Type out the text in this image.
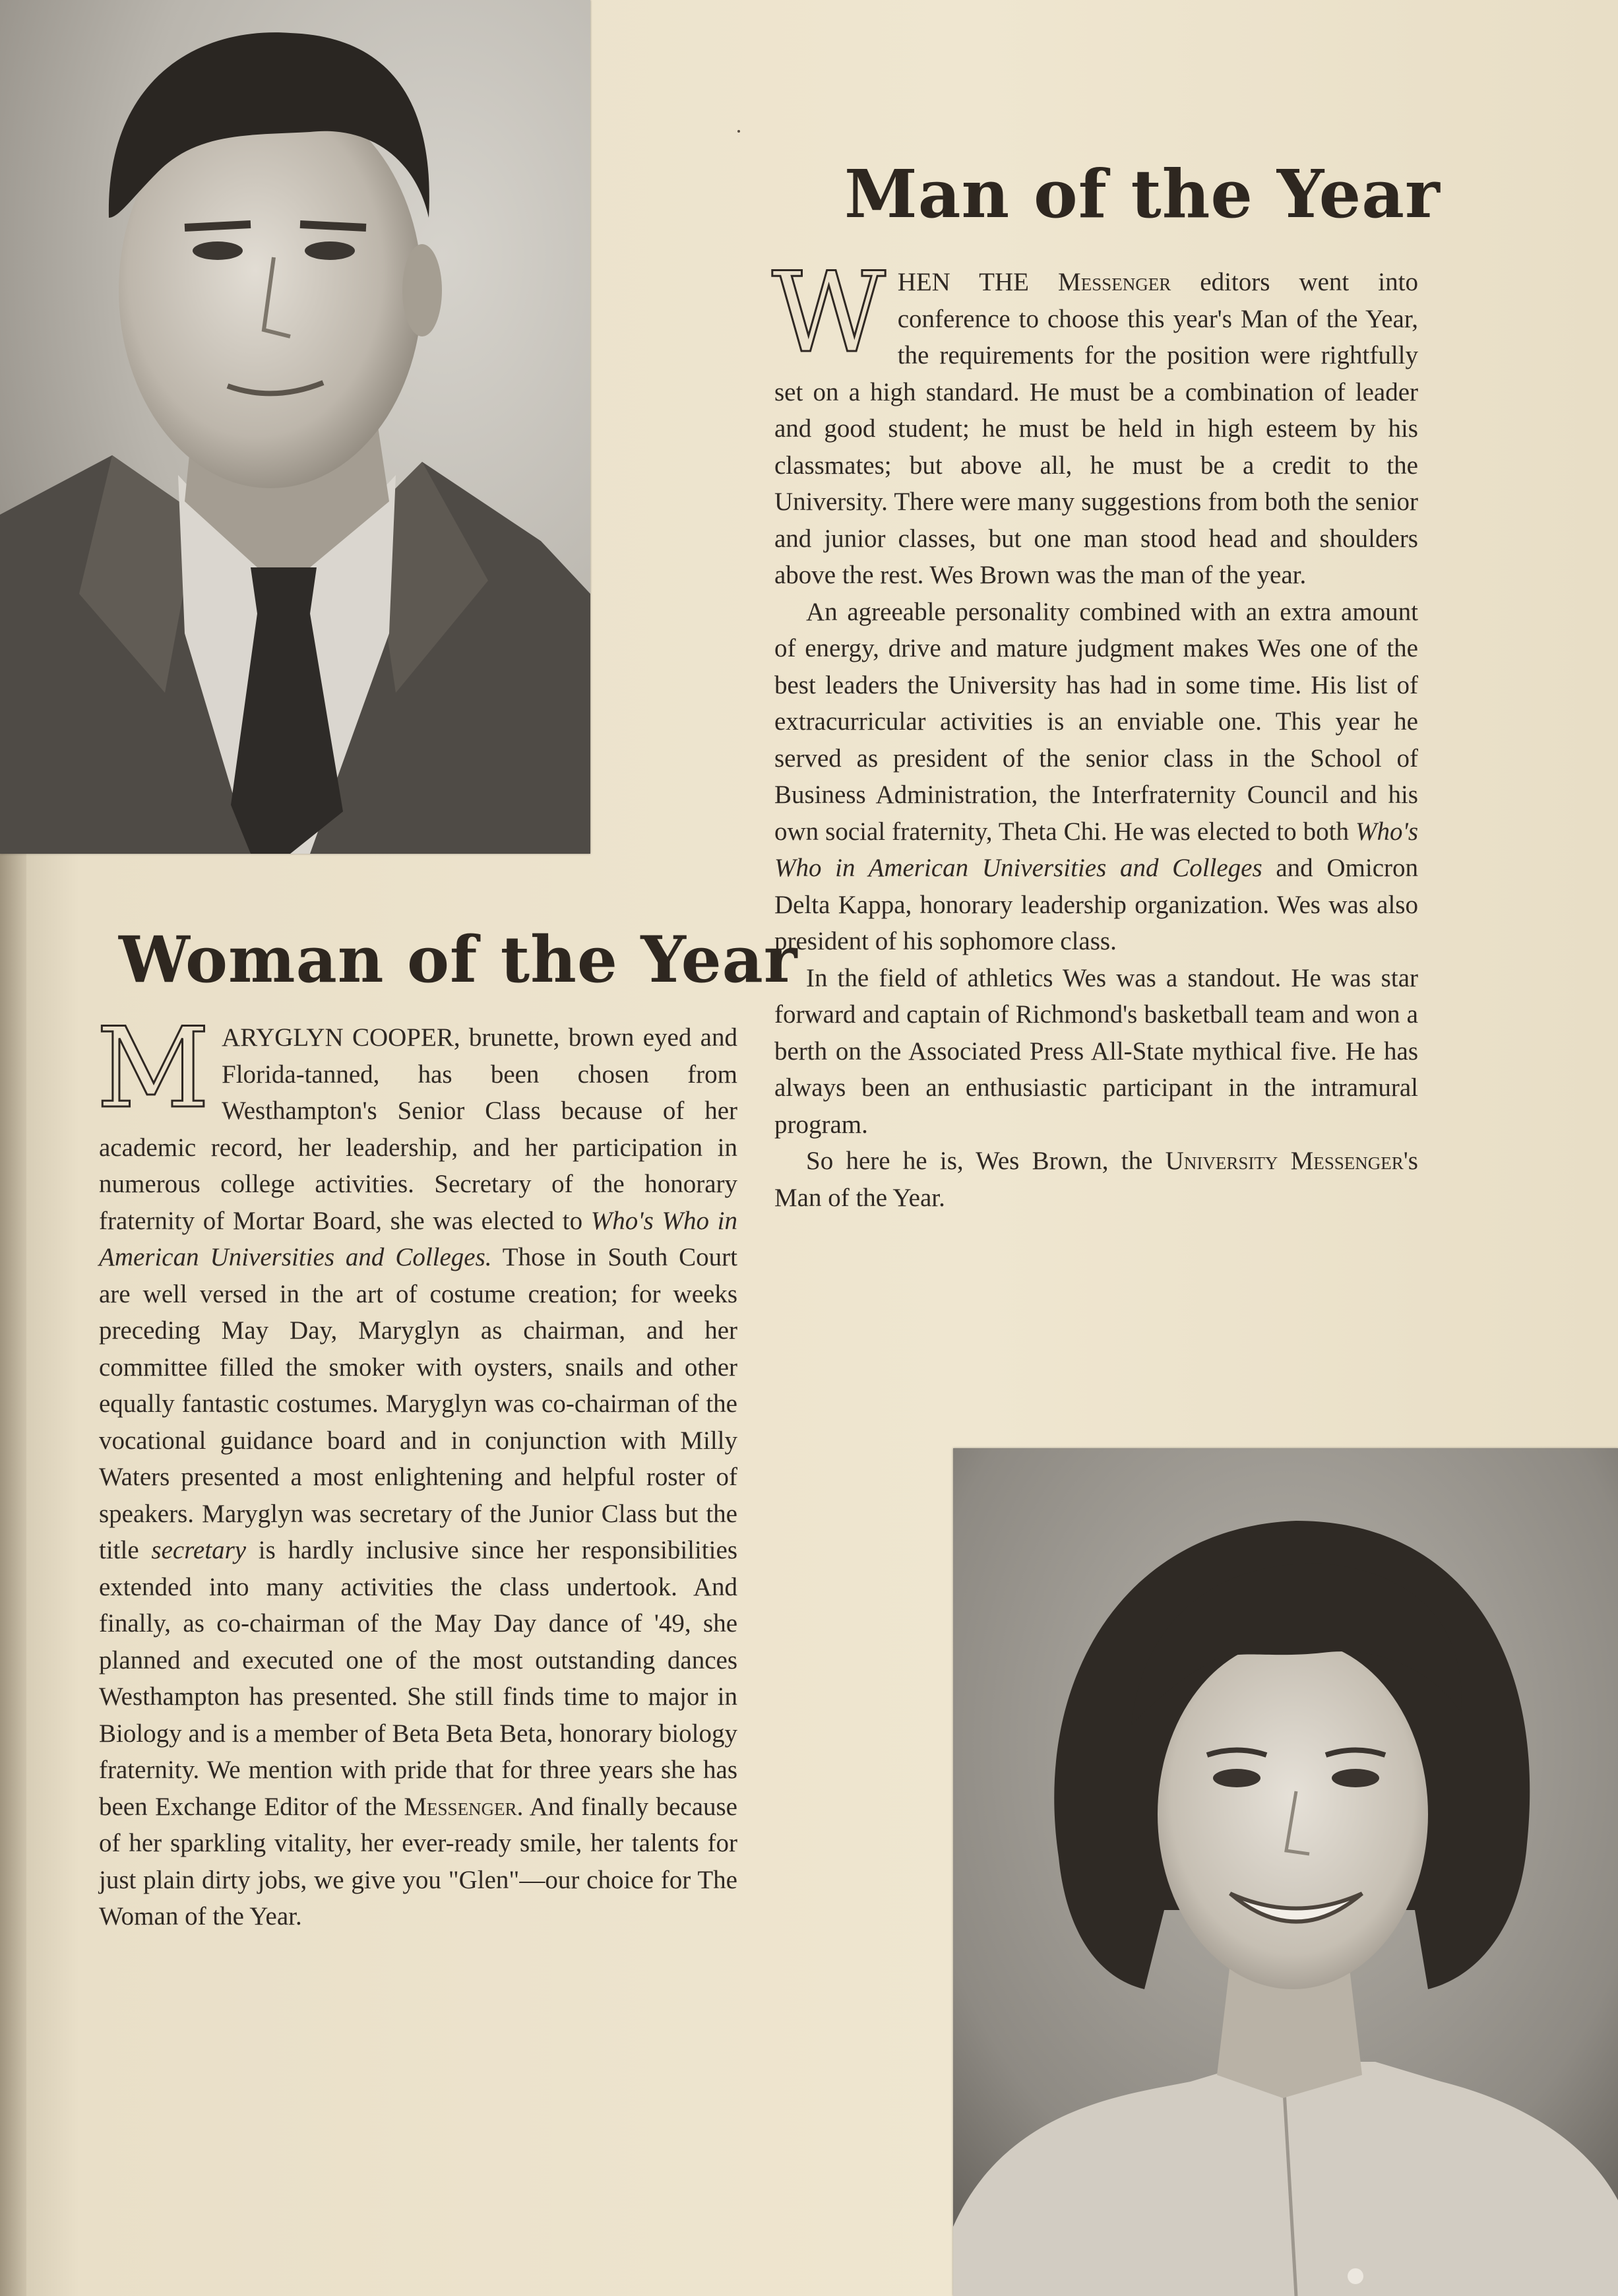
Man of the Year

WHEN THE Messenger editors went into conference to choose this year's Man of the Year, the requirements for the position were rightfully set on a high standard. He must be a combination of leader and good student; he must be held in high esteem by his classmates; but above all, he must be a credit to the University. There were many suggestions from both the senior and junior classes, but one man stood head and shoulders above the rest. Wes Brown was the man of the year.

An agreeable personality combined with an extra amount of energy, drive and mature judgment makes Wes one of the best leaders the University has had in some time. His list of extracurricular activities is an enviable one. This year he served as president of the senior class in the School of Business Administration, the Interfraternity Council and his own social fraternity, Theta Chi. He was elected to both Who's Who in American Universities and Colleges and Omicron Delta Kappa, honorary leadership organization. Wes was also president of his sophomore class.

In the field of athletics Wes was a standout. He was star forward and captain of Richmond's basketball team and won a berth on the Associated Press All-State mythical five. He has always been an enthusiastic participant in the intramural program.

So here he is, Wes Brown, the University Messenger's Man of the Year.

Woman of the Year

MARYGLYN COOPER, brunette, brown eyed and Florida-tanned, has been chosen from Westhampton's Senior Class because of her academic record, her leadership, and her participation in numerous college activities. Secretary of the honorary fraternity of Mortar Board, she was elected to Who's Who in American Universities and Colleges. Those in South Court are well versed in the art of costume creation; for weeks preceding May Day, Maryglyn as chairman, and her committee filled the smoker with oysters, snails and other equally fantastic costumes. Maryglyn was co-chairman of the vocational guidance board and in conjunction with Milly Waters presented a most enlightening and helpful roster of speakers. Maryglyn was secretary of the Junior Class but the title secretary is hardly inclusive since her responsibilities extended into many activities the class undertook. And finally, as co-chairman of the May Day dance of '49, she planned and executed one of the most outstanding dances Westhampton has presented. She still finds time to major in Biology and is a member of Beta Beta Beta, honorary biology fraternity. We mention with pride that for three years she has been Exchange Editor of the Messenger. And finally because of her sparkling vitality, her ever-ready smile, her talents for just plain dirty jobs, we give you "Glen"—our choice for The Woman of the Year.
